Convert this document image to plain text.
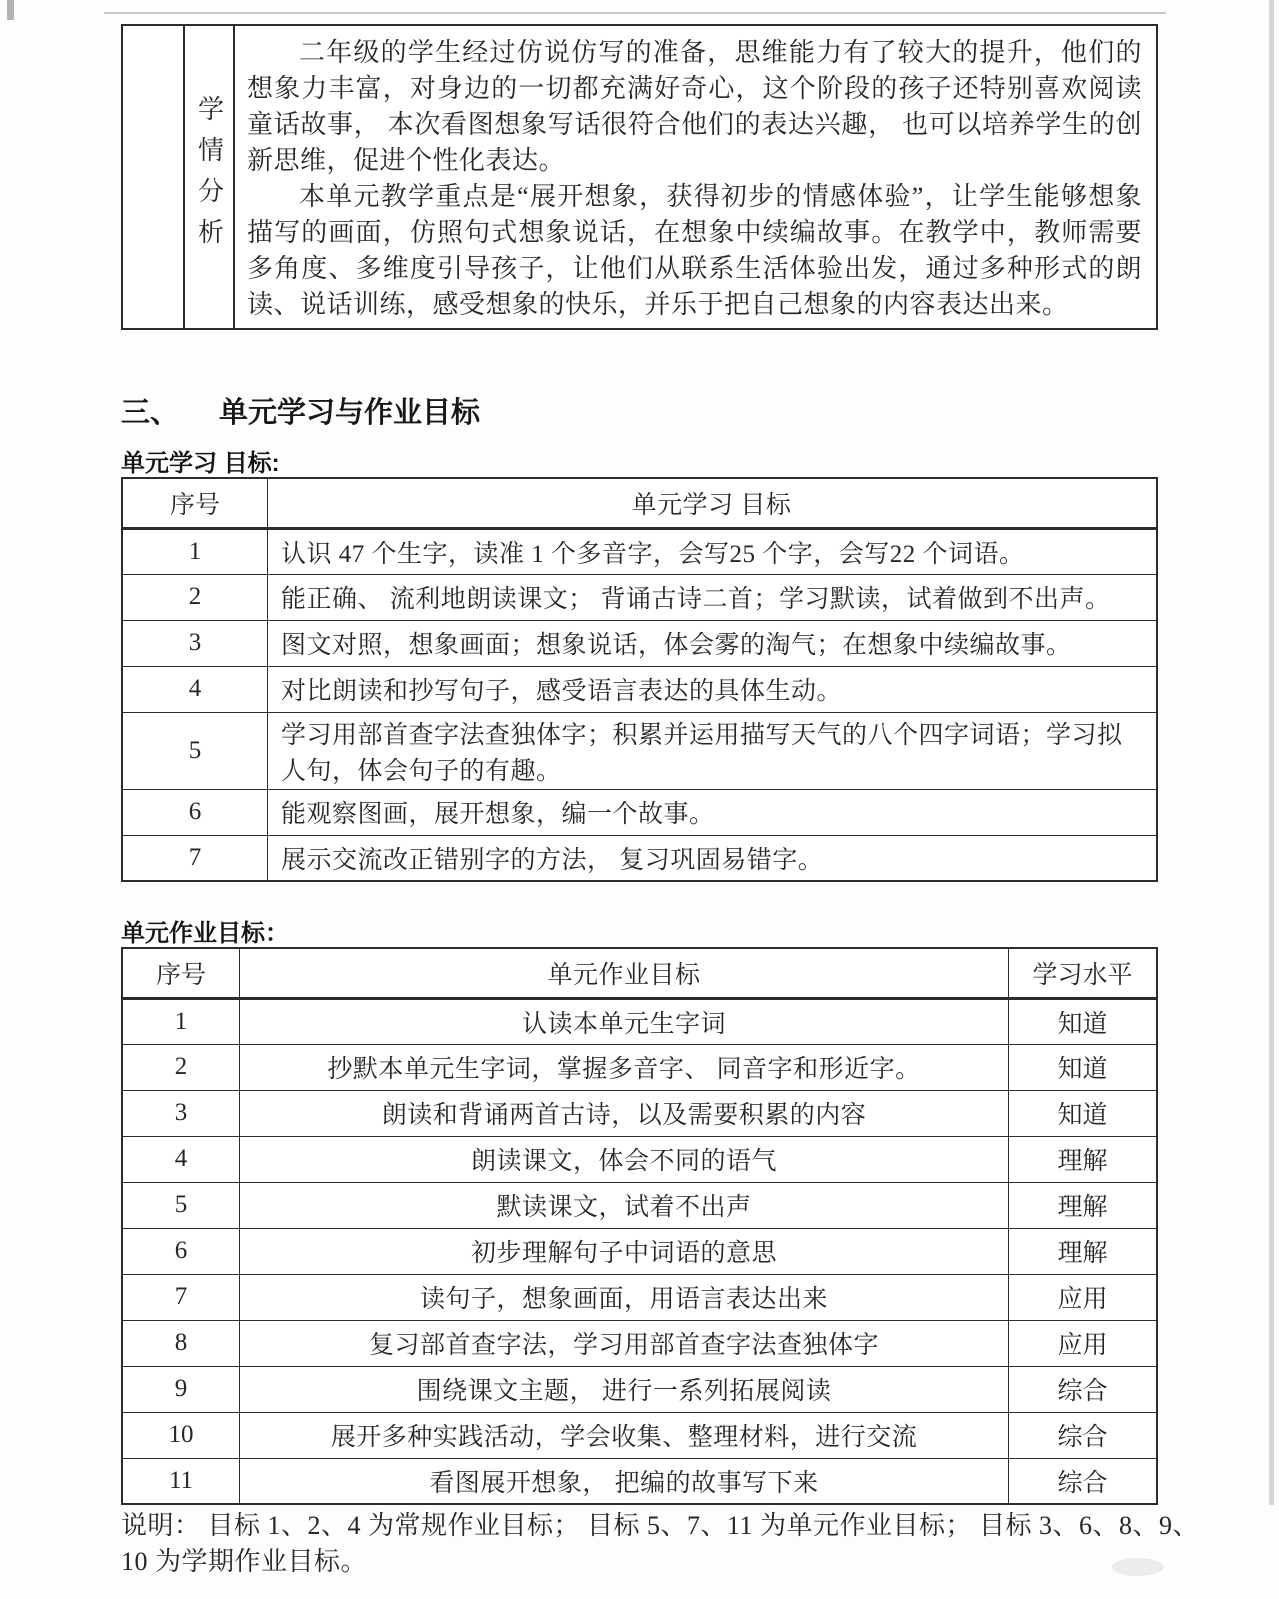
学情分析

二年级的学生经过仿说仿写的准备，思维能力有了较大的提升，他们的想象力丰富，对身边的一切都充满好奇心，这个阶段的孩子还特别喜欢阅读童话故事， 本次看图想象写话很符合他们的表达兴趣， 也可以培养学生的创新思维，促进个性化表达。

本单元教学重点是“展开想象，获得初步的情感体验”，让学生能够想象描写的画面，仿照句式想象说话，在想象中续编故事。在教学中，教师需要多角度、多维度引导孩子，让他们从联系生活体验出发，通过多种形式的朗读、说话训练，感受想象的快乐，并乐于把自己想象的内容表达出来。

三、 单元学习与作业目标
单元学习 目标:
序号	单元学习 目标
1	认识 47 个生字，读准 1 个多音字，会写25 个字，会写22 个词语。
2	能正确、 流利地朗读课文； 背诵古诗二首；学习默读，试着做到不出声。
3	图文对照，想象画面；想象说话，体会雾的淘气；在想象中续编故事。
4	对比朗读和抄写句子，感受语言表达的具体生动。
5	学习用部首查字法查独体字；积累并运用描写天气的八个四字词语；学习拟人句，体会句子的有趣。
6	能观察图画，展开想象，编一个故事。
7	展示交流改正错别字的方法， 复习巩固易错字。
单元作业目标：
序号	单元作业目标	学习水平
1	认读本单元生字词	知道
2	抄默本单元生字词，掌握多音字、 同音字和形近字。	知道
3	朗读和背诵两首古诗，以及需要积累的内容	知道
4	朗读课文，体会不同的语气	理解
5	默读课文，试着不出声	理解
6	初步理解句子中词语的意思	理解
7	读句子，想象画面，用语言表达出来	应用
8	复习部首查字法，学习用部首查字法查独体字	应用
9	围绕课文主题， 进行一系列拓展阅读	综合
10	展开多种实践活动，学会收集、整理材料，进行交流	综合
11	看图展开想象， 把编的故事写下来	综合
说明： 目标 1、2、4 为常规作业目标； 目标 5、7、11 为单元作业目标； 目标 3、6、8、9、
10 为学期作业目标。
